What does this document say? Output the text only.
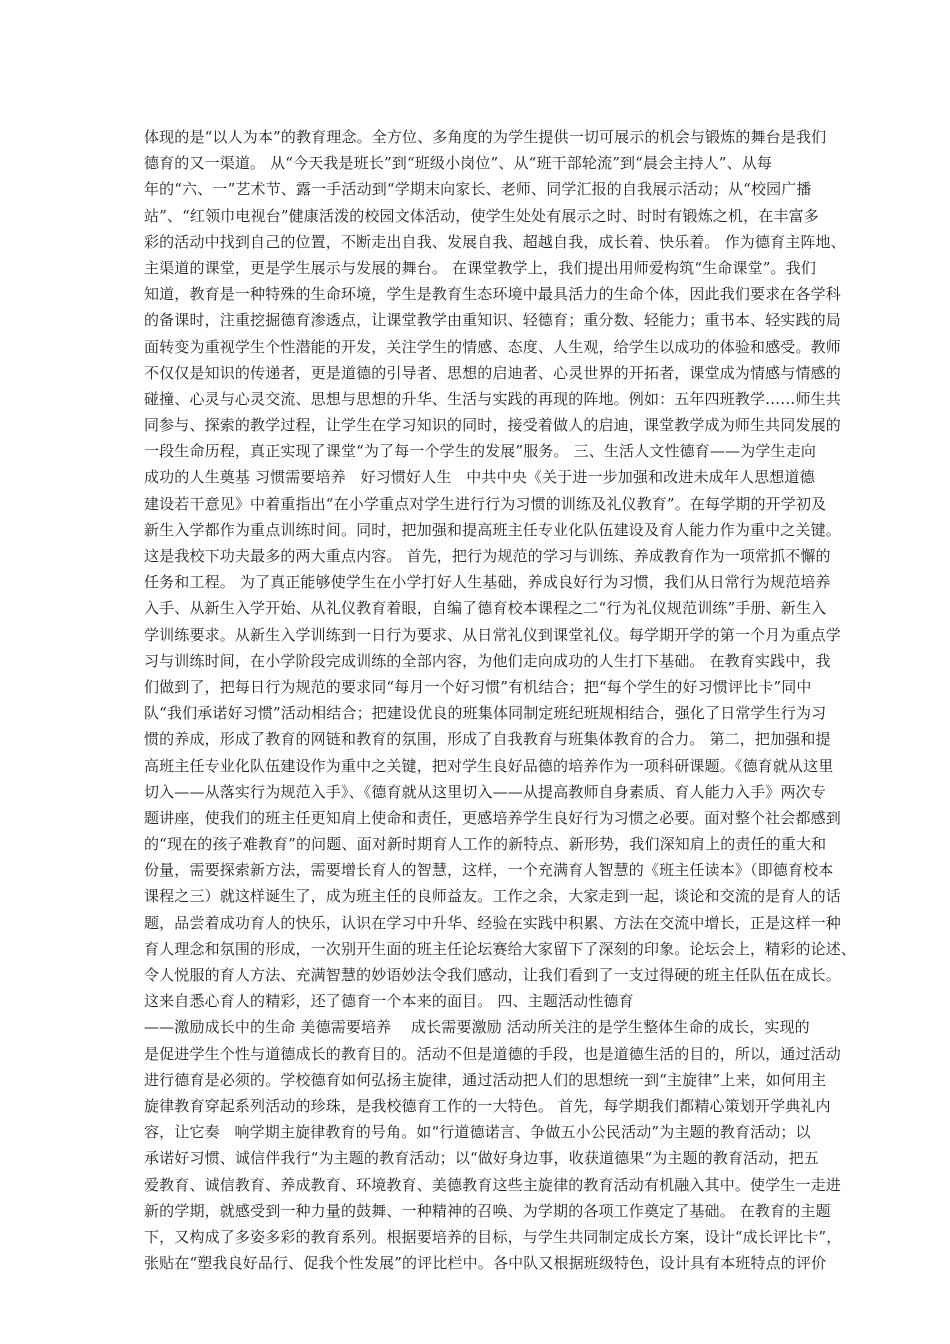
体现的是“以人为本”的教育理念。全方位、多角度的为学生提供一切可展示的机会与锻炼的舞台是我们
德育的又一渠道。 从“今天我是班长”到“班级小岗位”、从“班干部轮流”到“晨会主持人”、从每
年的“六、一”艺术节、露一手活动到“学期末向家长、老师、同学汇报的自我展示活动；从“校园广播
站”、“红领巾电视台”健康活泼的校园文体活动，使学生处处有展示之时、时时有锻炼之机，在丰富多
彩的活动中找到自己的位置，不断走出自我、发展自我、超越自我，成长着、快乐着。 作为德育主阵地、
主渠道的课堂，更是学生展示与发展的舞台。 在课堂教学上，我们提出用师爱构筑“生命课堂”。我们
知道，教育是一种特殊的生命环境，学生是教育生态环境中最具活力的生命个体，因此我们要求在各学科
的备课时，注重挖掘德育渗透点，让课堂教学由重知识、轻德育；重分数、轻能力；重书本、轻实践的局
面转变为重视学生个性潜能的开发，关注学生的情感、态度、人生观，给学生以成功的体验和感受。教师
不仅仅是知识的传递者，更是道德的引导者、思想的启迪者、心灵世界的开拓者，课堂成为情感与情感的
碰撞、心灵与心灵交流、思想与思想的升华、生活与实践的再现的阵地。例如：五年四班教学……师生共
同参与、探索的教学过程，让学生在学习知识的同时，接受着做人的启迪，课堂教学成为师生共同发展的
一段生命历程，真正实现了课堂“为了每一个学生的发展”服务。 三、生活人文性德育——为学生走向
成功的人生奠基 习惯需要培养   好习惯好人生   中共中央《关于进一步加强和改进未成年人思想道德
建设若干意见》中着重指出“在小学重点对学生进行行为习惯的训练及礼仪教育”。在每学期的开学初及
新生入学都作为重点训练时间。同时，把加强和提高班主任专业化队伍建设及育人能力作为重中之关键。
这是我校下功夫最多的两大重点内容。 首先，把行为规范的学习与训练、养成教育作为一项常抓不懈的
任务和工程。 为了真正能够使学生在小学打好人生基础，养成良好行为习惯，我们从日常行为规范培养
入手、从新生入学开始、从礼仪教育着眼，自编了德育校本课程之二“行为礼仪规范训练”手册、新生入
学训练要求。从新生入学训练到一日行为要求、从日常礼仪到课堂礼仪。每学期开学的第一个月为重点学
习与训练时间，在小学阶段完成训练的全部内容，为他们走向成功的人生打下基础。 在教育实践中，我
们做到了，把每日行为规范的要求同“每月一个好习惯”有机结合；把“每个学生的好习惯评比卡”同中
队“我们承诺好习惯”活动相结合；把建设优良的班集体同制定班纪班规相结合，强化了日常学生行为习
惯的养成，形成了教育的网链和教育的氛围，形成了自我教育与班集体教育的合力。 第二，把加强和提
高班主任专业化队伍建设作为重中之关键，把对学生良好品德的培养作为一项科研课题。《德育就从这里
切入——从落实行为规范入手》、《德育就从这里切入——从提高教师自身素质、育人能力入手》两次专
题讲座，使我们的班主任更知肩上使命和责任，更感培养学生良好行为习惯之必要。面对整个社会都感到
的“现在的孩子难教育”的问题、面对新时期育人工作的新特点、新形势，我们深知肩上的责任的重大和
份量，需要探索新方法，需要增长育人的智慧，这样，一个充满育人智慧的《班主任读本》（即德育校本
课程之三）就这样诞生了，成为班主任的良师益友。工作之余，大家走到一起，谈论和交流的是育人的话
题，品尝着成功育人的快乐，认识在学习中升华、经验在实践中积累、方法在交流中增长，正是这样一种
育人理念和氛围的形成，一次别开生面的班主任论坛赛给大家留下了深刻的印象。论坛会上，精彩的论述、
令人悦服的育人方法、充满智慧的妙语妙法令我们感动，让我们看到了一支过得硬的班主任队伍在成长。
这来自悉心育人的精彩，还了德育一个本来的面目。 四、主题活动性德育
——激励成长中的生命 美德需要培养    成长需要激励 活动所关注的是学生整体生命的成长，实现的
是促进学生个性与道德成长的教育目的。活动不但是道德的手段，也是道德生活的目的，所以，通过活动
进行德育是必须的。学校德育如何弘扬主旋律，通过活动把人们的思想统一到“主旋律”上来，如何用主
旋律教育穿起系列活动的珍珠，是我校德育工作的一大特色。 首先，每学期我们都精心策划开学典礼内
容，让它奏   响学期主旋律教育的号角。如“行道德诺言、争做五小公民活动”为主题的教育活动；以
承诺好习惯、诚信伴我行“为主题的教育活动；以“做好身边事，收获道德果“为主题的教育活动，把五
爱教育、诚信教育、养成教育、环境教育、美德教育这些主旋律的教育活动有机融入其中。使学生一走进
新的学期，就感受到一种力量的鼓舞、一种精神的召唤、为学期的各项工作奠定了基础。 在教育的主题
下，又构成了多姿多彩的教育系列。根据要培养的目标，与学生共同制定成长方案，设计“成长评比卡”，
张贴在“塑我良好品行、促我个性发展”的评比栏中。各中队又根据班级特色，设计具有本班特点的评价
